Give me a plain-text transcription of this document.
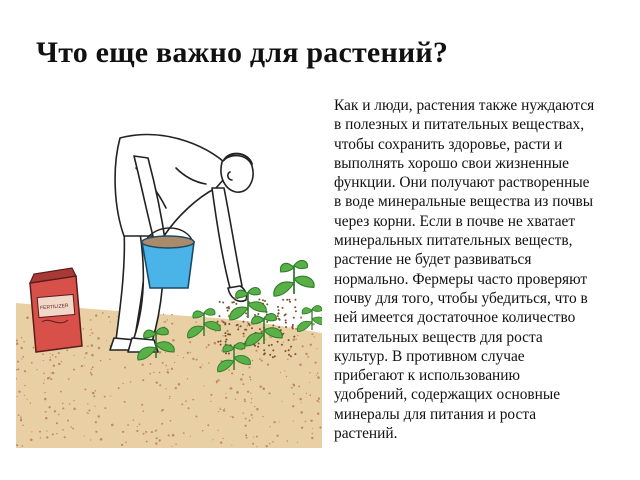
Что еще важно для растений?
FERTILIZER
Как и люди, растения также нуждаются
в полезных и питательных веществах,
чтобы сохранить здоровье, расти и
выполнять хорошо свои жизненные
функции. Они получают растворенные
в воде минеральные вещества из почвы
через корни. Если в почве не хватает
минеральных питательных веществ,
растение не будет развиваться
нормально. Фермеры часто проверяют
почву для того, чтобы убедиться, что в
ней имеется достаточное количество
питательных веществ для роста
культур. В противном случае
прибегают к использованию
удобрений, содержащих основные
минералы для питания и роста
растений.
